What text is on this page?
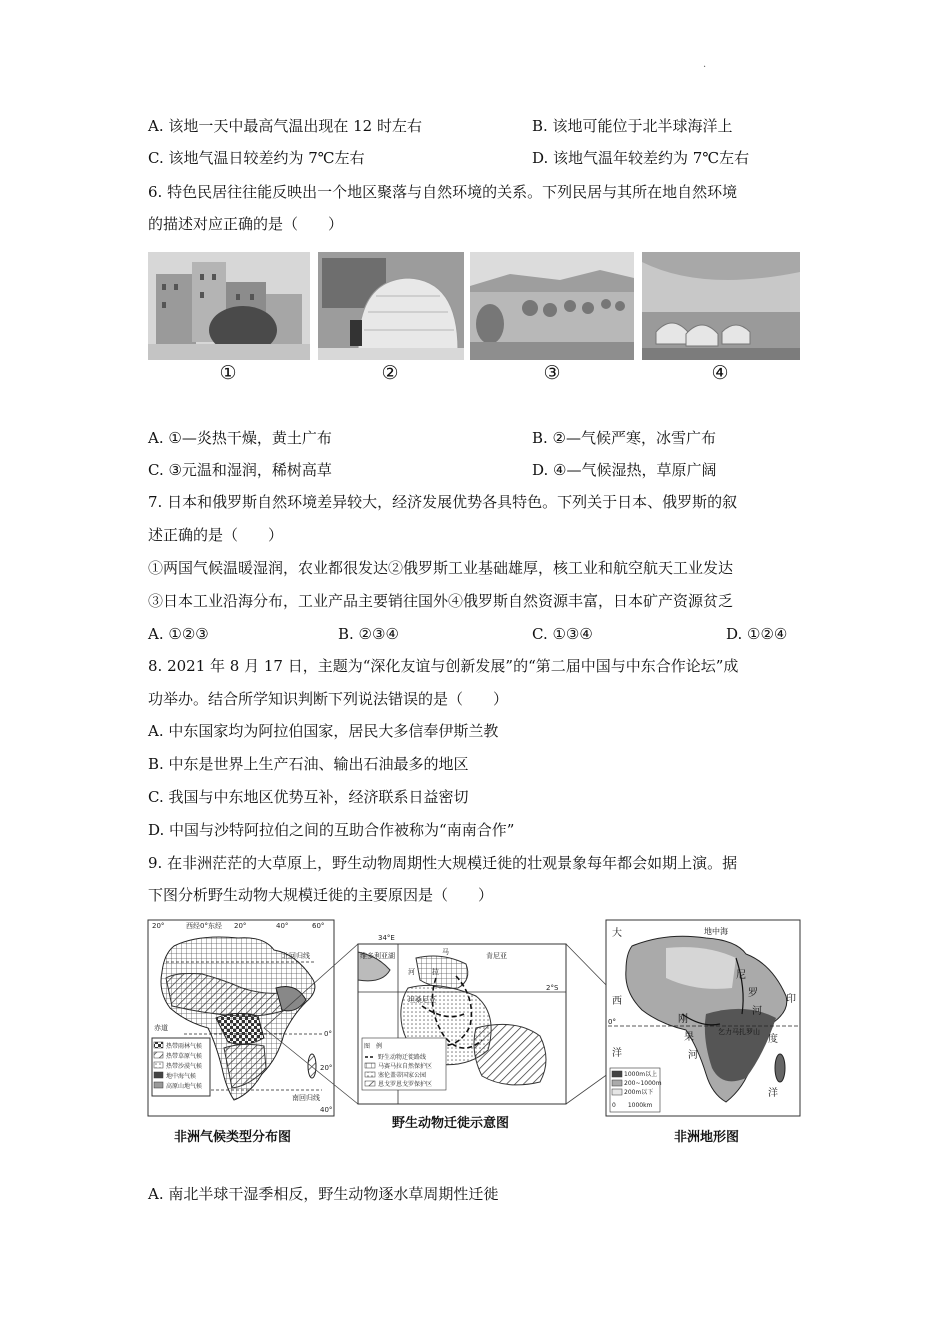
·
A. 该地一天中最高气温出现在 12 时左右	B. 该地可能位于北半球海洋上
C. 该地气温日较差约为 7℃左右	D. 该地气温年较差约为 7℃左右
6. 特色民居往往能反映出一个地区聚落与自然环境的关系。下列民居与其所在地自然环境
的描述对应正确的是（　　）
①	②	③	④
A. ①—炎热干燥，黄土广布	B. ②—气候严寒，冰雪广布
C. ③元温和湿润，稀树高草	D. ④—气候湿热，草原广阔
7. 日本和俄罗斯自然环境差异较大，经济发展优势各具特色。下列关于日本、俄罗斯的叙
述正确的是（　　）
①两国气候温暖湿润，农业都很发达②俄罗斯工业基础雄厚，核工业和航空航天工业发达
③日本工业沿海分布，工业产品主要销往国外④俄罗斯自然资源丰富，日本矿产资源贫乏
A. ①②③	B. ②③④	C. ①③④	D. ①②④
8. 2021 年 8 月 17 日，主题为“深化友谊与创新发展”的“第二届中国与中东合作论坛”成
功举办。结合所学知识判断下列说法错误的是（　　）
A. 中东国家均为阿拉伯国家，居民大多信奉伊斯兰教
B. 中东是世界上生产石油、输出石油最多的地区
C. 我国与中东地区优势互补，经济联系日益密切
D. 中国与沙特阿拉伯之间的互助合作被称为“南南合作”
9. 在非洲茫茫的大草原上，野生动物周期性大规模迁徙的壮观景象每年都会如期上演。据
下图分析野生动物大规模迁徙的主要原因是（　　）
热带雨林气候
热带草原气候
热带沙漠气候
地中海气候
高原山地气候
20°	西经0°东经 20°	40°	60°
北回归线
赤道
南回归线
0°
20°
40°
图　例
野生动物迁徙路线
马赛马拉自然保护区
塞伦盖蒂国家公园
恩戈罗恩戈罗保护区
34°E
维多利亚湖	马	肯尼亚
河 拉
坦桑尼亚
2°S
1000m以上
200~1000m
200m以下
0　　1000km
大	地中海
尼
罗
西
河
印
洋
刚
果
河
乞力马扎罗山
度
洋
0°
非洲气候类型分布图
野生动物迁徙示意图
非洲地形图
A. 南北半球干湿季相反，野生动物逐水草周期性迁徙
